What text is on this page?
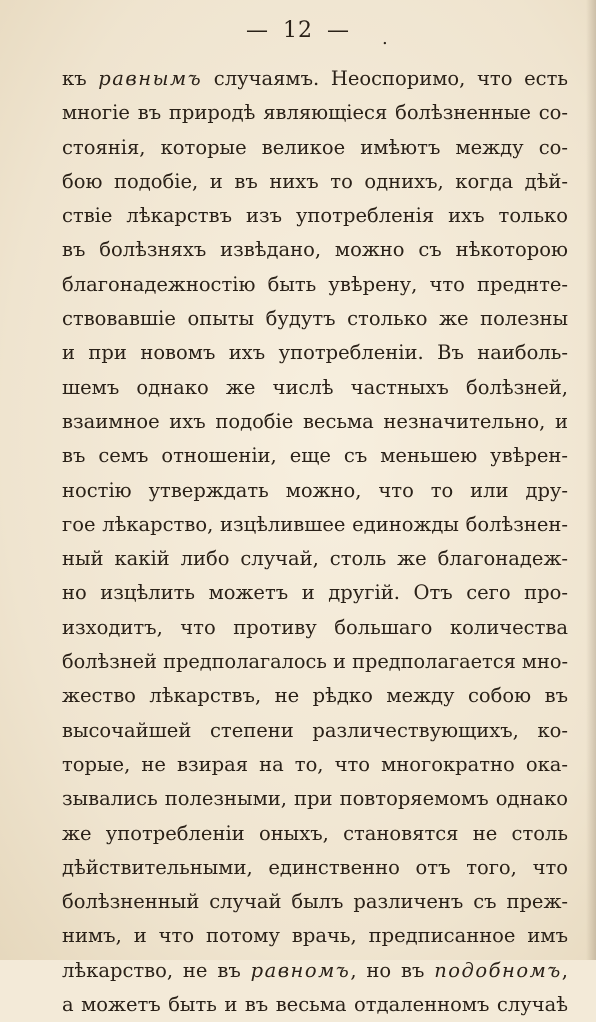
— 12 —	.
къ равнымъ случаямъ. Неоспоримо, что есть
многіе въ природѣ являющіеся болѣзненные со-
стоянія, которые великое имѣютъ между со-
бою подобіе, и въ нихъ то однихъ, когда дѣй-
ствіе лѣкарствъ изъ употребленія ихъ только
въ болѣзняхъ извѣдано, можно съ нѣкоторою
благонадежностію быть увѣрену, что преднте-
ствовавшіе опыты будутъ столько же полезны
и при новомъ ихъ употребленіи. Въ наиболь-
шемъ однако же числѣ частныхъ болѣзней,
взаимное ихъ подобіе весьма незначительно, и
въ семъ отношеніи, еще съ меньшею увѣрен-
ностію утверждать можно, что то или дру-
гое лѣкарство, изцѣлившее единожды болѣзнен-
ный какій либо случай, столь же благонадеж-
но изцѣлить можетъ и другій. Отъ сего про-
изходитъ, что противу большаго количества
болѣзней предполагалось и предполагается мно-
жество лѣкарствъ, не рѣдко между собою въ
высочайшей степени различествующихъ, ко-
торые, не взирая на то, что многократно ока-
зывались полезными, при повторяемомъ однако
же употребленіи оныхъ, становятся не столь
дѣйствительными, единственно отъ того, что
болѣзненный случай былъ различенъ съ преж-
нимъ, и что потому врачь, предписанное имъ
лѣкарство, не въ равномъ, но въ подобномъ,
а можетъ быть и въ весьма отдаленномъ случаѣ
